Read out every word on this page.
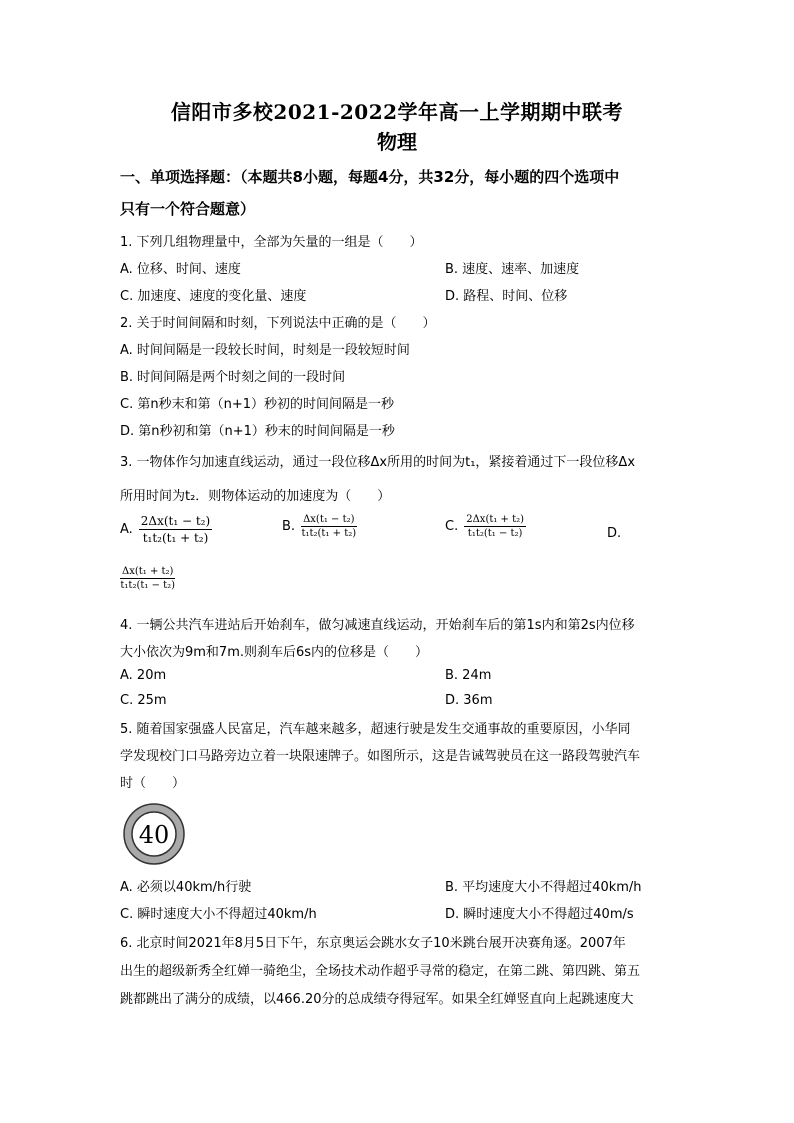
信阳市多校2021-2022学年高一上学期期中联考
物理
一、单项选择题：（本题共8小题，每题4分，共32分，每小题的四个选项中
只有一个符合题意）
1. 下列几组物理量中，全部为矢量的一组是（　　）
A. 位移、时间、速度	B. 速度、速率、加速度
C. 加速度、速度的变化量、速度	D. 路程、时间、位移
2. 关于时间间隔和时刻，下列说法中正确的是（　　）
A. 时间间隔是一段较长时间，时刻是一段较短时间
B. 时间间隔是两个时刻之间的一段时间
C. 第n秒末和第（n+1）秒初的时间间隔是一秒
D. 第n秒初和第（n+1）秒末的时间间隔是一秒
3. 一物体作匀加速直线运动，通过一段位移Δx所用的时间为t₁，紧接着通过下一段位移Δx
所用时间为t₂．则物体运动的加速度为（　　）
A. $\frac{\text{2Δx(t₁ − t₂)}}{\text{t₁t₂(t₁ + t₂)}}$	B. $\frac{\text{Δx(t₁ − t₂)}}{\text{t₁t₂(t₁ + t₂)}}$	C. $\frac{\text{2Δx(t₁ + t₂)}}{\text{t₁t₂(t₁ − t₂)}}$	D.
$\frac{\text{Δx(t₁ + t₂)}}{\text{t₁t₂(t₁ − t₂)}}$
4. 一辆公共汽车进站后开始刹车，做匀减速直线运动，开始刹车后的第1s内和第2s内位移
大小依次为9m和7m.则刹车后6s内的位移是（　　）
A. 20m	B. 24m
C. 25m	D. 36m
5. 随着国家强盛人民富足，汽车越来越多，超速行驶是发生交通事故的重要原因，小华同
学发现校门口马路旁边立着一块限速牌子。如图所示，这是告诫驾驶员在这一路段驾驶汽车
时（　　）
40
A. 必须以40km/h行驶	B. 平均速度大小不得超过40km/h
C. 瞬时速度大小不得超过40km/h	D. 瞬时速度大小不得超过40m/s
6. 北京时间2021年8月5日下午，东京奥运会跳水女子10米跳台展开决赛角逐。2007年
出生的超级新秀全红婵一骑绝尘，全场技术动作超乎寻常的稳定，在第二跳、第四跳、第五
跳都跳出了满分的成绩，以466.20分的总成绩夺得冠军。如果全红婵竖直向上起跳速度大
